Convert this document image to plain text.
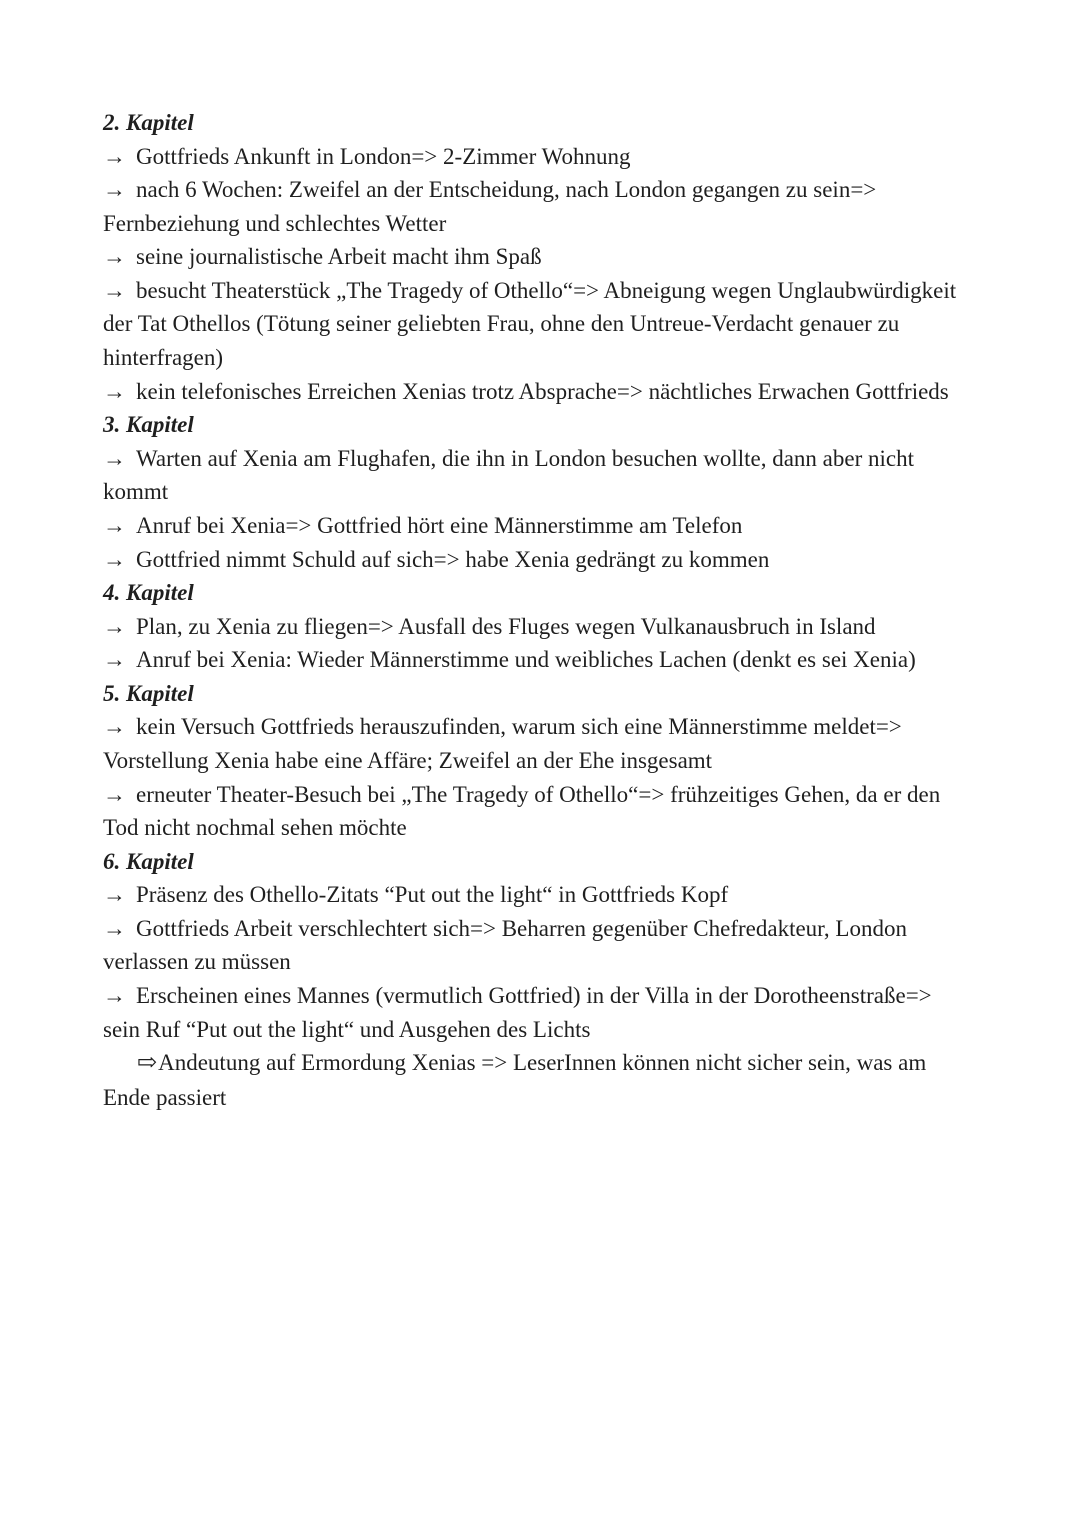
2. Kapitel

→ Gottfrieds Ankunft in London=> 2-Zimmer Wohnung

→ nach 6 Wochen: Zweifel an der Entscheidung, nach London gegangen zu sein=> Fernbeziehung und schlechtes Wetter

→ seine journalistische Arbeit macht ihm Spaß

→ besucht Theaterstück „The Tragedy of Othello“=> Abneigung wegen Unglaubwürdigkeit der Tat Othellos (Tötung seiner geliebten Frau, ohne den Untreue-Verdacht genauer zu hinterfragen)

→ kein telefonisches Erreichen Xenias trotz Absprache=> nächtliches Erwachen Gottfrieds

3. Kapitel

→ Warten auf Xenia am Flughafen, die ihn in London besuchen wollte, dann aber nicht kommt

→ Anruf bei Xenia=> Gottfried hört eine Männerstimme am Telefon

→ Gottfried nimmt Schuld auf sich=> habe Xenia gedrängt zu kommen

4. Kapitel

→ Plan, zu Xenia zu fliegen=> Ausfall des Fluges wegen Vulkanausbruch in Island

→ Anruf bei Xenia: Wieder Männerstimme und weibliches Lachen (denkt es sei Xenia)

5. Kapitel

→ kein Versuch Gottfrieds herauszufinden, warum sich eine Männerstimme meldet=> Vorstellung Xenia habe eine Affäre; Zweifel an der Ehe insgesamt

→ erneuter Theater-Besuch bei „The Tragedy of Othello“=> frühzeitiges Gehen, da er den Tod nicht nochmal sehen möchte

6. Kapitel

→ Präsenz des Othello-Zitats “Put out the light“ in Gottfrieds Kopf

→ Gottfrieds Arbeit verschlechtert sich=> Beharren gegenüber Chefredakteur, London verlassen zu müssen

→ Erscheinen eines Mannes (vermutlich Gottfried) in der Villa in der Dorotheenstraße=> sein Ruf “Put out the light“ und Ausgehen des Lichts

⇨Andeutung auf Ermordung Xenias => LeserInnen können nicht sicher sein, was am Ende passiert
